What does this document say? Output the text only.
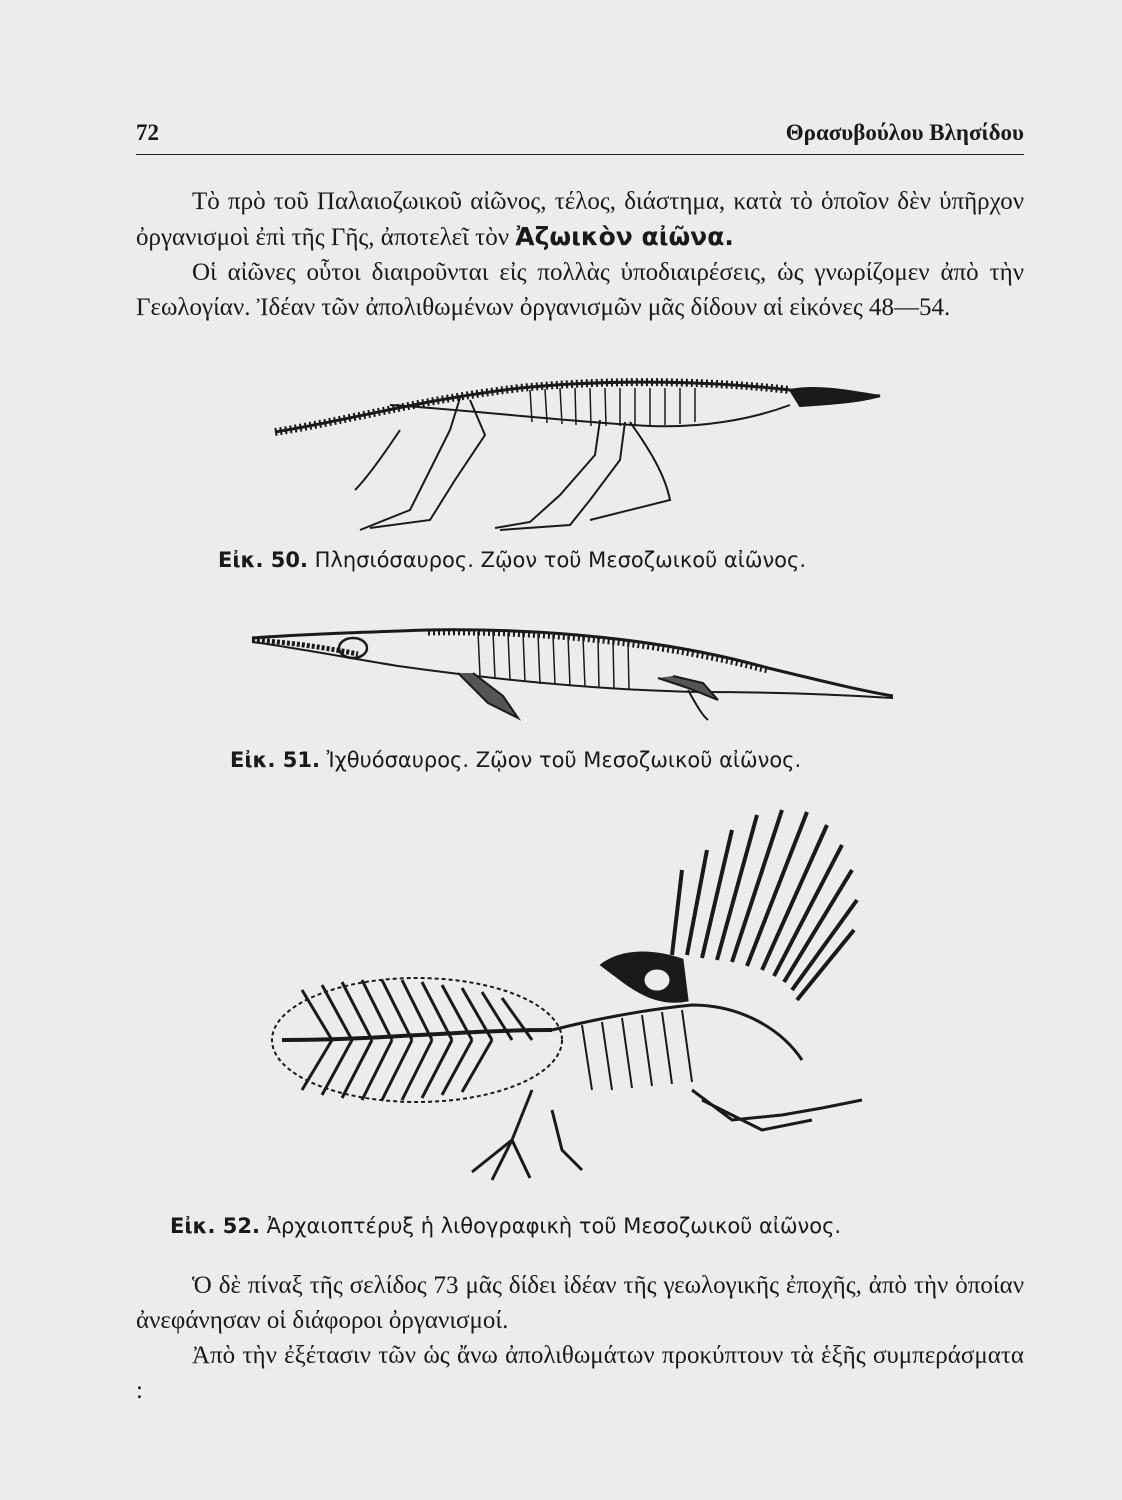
72	Θρασυβούλου Βλησίδου

Τὸ πρὸ τοῦ Παλαιοζωικοῦ αἰῶνος, τέλος, διάστημα, κατὰ τὸ ὁποῖον δὲν ὑπῆρχον ὀργανισμοὶ ἐπὶ τῆς Γῆς, ἀποτελεῖ τὸν Ἀζωικὸν αἰῶνα.

Οἱ αἰῶνες οὗτοι διαιροῦνται εἰς πολλὰς ὑποδιαιρέσεις, ὡς γνωρίζομεν ἀπὸ τὴν Γεωλογίαν. Ἰδέαν τῶν ἀπολιθωμένων ὀργανισμῶν μᾶς δίδουν αἱ εἰκόνες 48—54.

Εἰκ. 50. Πλησιόσαυρος. Ζῷον τοῦ Μεσοζωικοῦ αἰῶνος.
Εἰκ. 51. Ἰχθυόσαυρος. Ζῷον τοῦ Μεσοζωικοῦ αἰῶνος.
Εἰκ. 52. Ἀρχαιοπτέρυξ ἡ λιθογραφικὴ τοῦ Μεσοζωικοῦ αἰῶνος.

Ὁ δὲ πίναξ τῆς σελίδος 73 μᾶς δίδει ἰδέαν τῆς γεωλογικῆς ἐποχῆς, ἀπὸ τὴν ὁποίαν ἀνεφάνησαν οἱ διάφοροι ὀργανισμοί.

Ἀπὸ τὴν ἐξέτασιν τῶν ὡς ἄνω ἀπολιθωμάτων προκύπτουν τὰ ἑξῆς συμπεράσματα :
